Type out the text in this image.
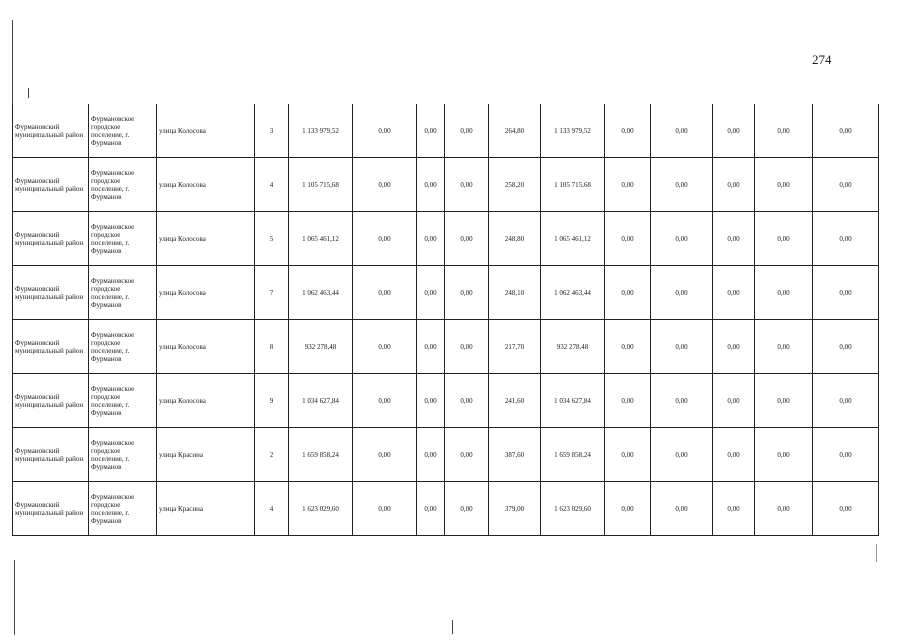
274
Фурмановский муниципальный район	Фурмановское городское поселение, г. Фурманов	улица Колосова	3	1 133 979,52	0,00	0,00	0,00	264,80	1 133 979,52	0,00	0,00	0,00	0,00	0,00
Фурмановский муниципальный район	Фурмановское городское поселение, г. Фурманов	улица Колосова	4	1 105 715,68	0,00	0,00	0,00	258,20	1 105 715,68	0,00	0,00	0,00	0,00	0,00
Фурмановский муниципальный район	Фурмановское городское поселение, г. Фурманов	улица Колосова	5	1 065 461,12	0,00	0,00	0,00	248,80	1 065 461,12	0,00	0,00	0,00	0,00	0,00
Фурмановский муниципальный район	Фурмановское городское поселение, г. Фурманов	улица Колосова	7	1 062 463,44	0,00	0,00	0,00	248,10	1 062 463,44	0,00	0,00	0,00	0,00	0,00
Фурмановский муниципальный район	Фурмановское городское поселение, г. Фурманов	улица Колосова	8	932 278,48	0,00	0,00	0,00	217,70	932 278,48	0,00	0,00	0,00	0,00	0,00
Фурмановский муниципальный район	Фурмановское городское поселение, г. Фурманов	улица Колосова	9	1 034 627,84	0,00	0,00	0,00	241,60	1 034 627,84	0,00	0,00	0,00	0,00	0,00
Фурмановский муниципальный район	Фурмановское городское поселение, г. Фурманов	улица Красина	2	1 659 858,24	0,00	0,00	0,00	387,60	1 659 858,24	0,00	0,00	0,00	0,00	0,00
Фурмановский муниципальный район	Фурмановское городское поселение, г. Фурманов	улица Красина	4	1 623 029,60	0,00	0,00	0,00	379,00	1 623 029,60	0,00	0,00	0,00	0,00	0,00
